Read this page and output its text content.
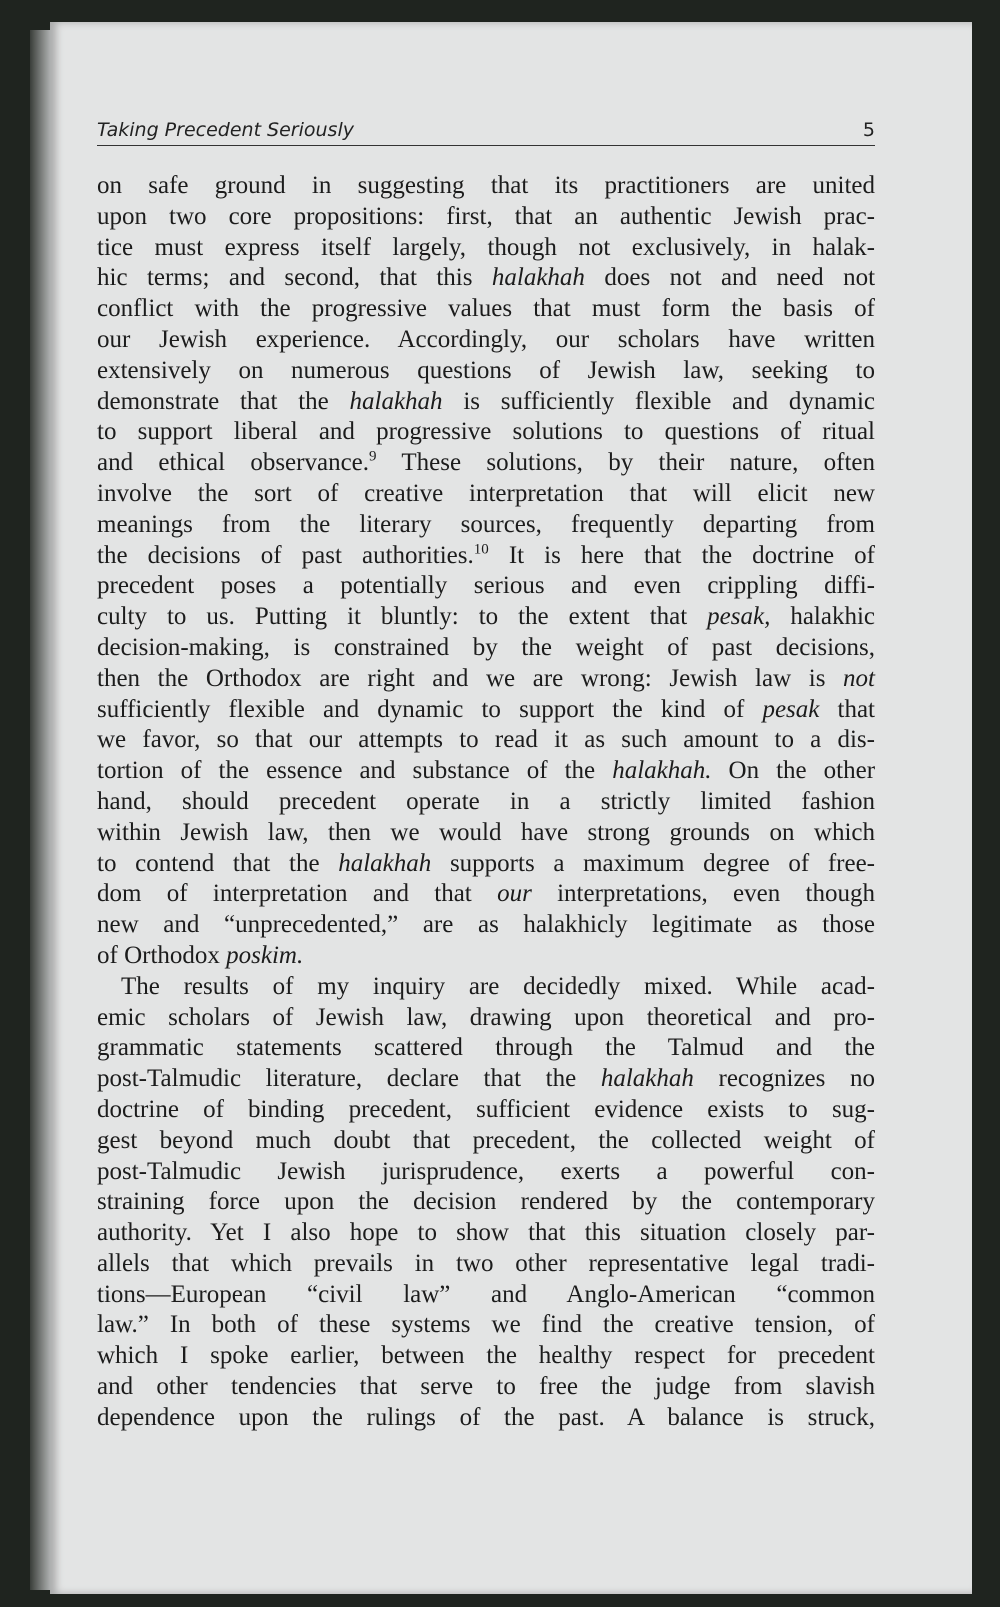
Taking Precedent Seriously	5
on safe ground in suggesting that its practitioners are united
upon two core propositions: first, that an authentic Jewish prac-
tice must express itself largely, though not exclusively, in halak-
hic terms; and second, that this halakhah does not and need not
conflict with the progressive values that must form the basis of
our Jewish experience. Accordingly, our scholars have written
extensively on numerous questions of Jewish law, seeking to
demonstrate that the halakhah is sufficiently flexible and dynamic
to support liberal and progressive solutions to questions of ritual
and ethical observance.$^9$ These solutions, by their nature, often
involve the sort of creative interpretation that will elicit new
meanings from the literary sources, frequently departing from
the decisions of past authorities.$^{10}$ It is here that the doctrine of
precedent poses a potentially serious and even crippling diffi-
culty to us. Putting it bluntly: to the extent that pesak, halakhic
decision-making, is constrained by the weight of past decisions,
then the Orthodox are right and we are wrong: Jewish law is not
sufficiently flexible and dynamic to support the kind of pesak that
we favor, so that our attempts to read it as such amount to a dis-
tortion of the essence and substance of the halakhah. On the other
hand, should precedent operate in a strictly limited fashion
within Jewish law, then we would have strong grounds on which
to contend that the halakhah supports a maximum degree of free-
dom of interpretation and that our interpretations, even though
new and “unprecedented,” are as halakhicly legitimate as those
of Orthodox poskim.
The results of my inquiry are decidedly mixed. While acad-
emic scholars of Jewish law, drawing upon theoretical and pro-
grammatic statements scattered through the Talmud and the
post-Talmudic literature, declare that the halakhah recognizes no
doctrine of binding precedent, sufficient evidence exists to sug-
gest beyond much doubt that precedent, the collected weight of
post-Talmudic Jewish jurisprudence, exerts a powerful con-
straining force upon the decision rendered by the contemporary
authority. Yet I also hope to show that this situation closely par-
allels that which prevails in two other representative legal tradi-
tions—European “civil law” and Anglo-American “common
law.” In both of these systems we find the creative tension, of
which I spoke earlier, between the healthy respect for precedent
and other tendencies that serve to free the judge from slavish
dependence upon the rulings of the past. A balance is struck,
